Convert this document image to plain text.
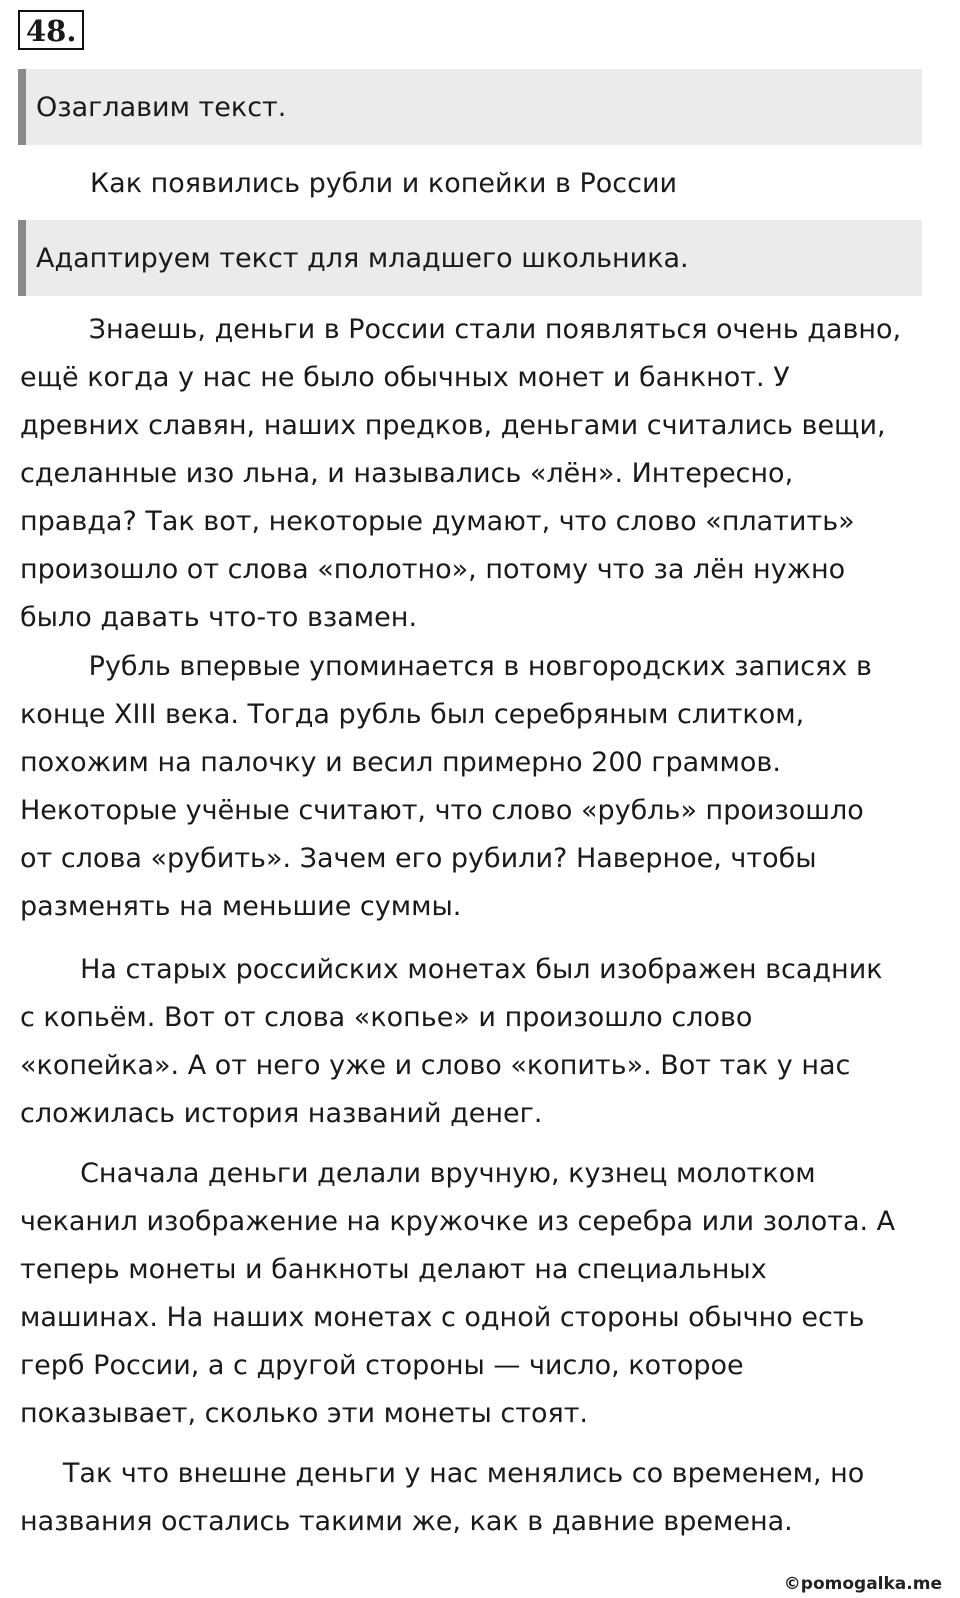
48.
Озаглавим текст.
Как появились рубли и копейки в России
Адаптируем текст для младшего школьника.
Знаешь, деньги в России стали появляться очень давно,
ещё когда у нас не было обычных монет и банкнот. У
древних славян, наших предков, деньгами считались вещи,
сделанные изо льна, и назывались «лён». Интересно,
правда? Так вот, некоторые думают, что слово «платить»
произошло от слова «полотно», потому что за лён нужно
было давать что-то взамен.
Рубль впервые упоминается в новгородских записях в
конце XIII века. Тогда рубль был серебряным слитком,
похожим на палочку и весил примерно 200 граммов.
Некоторые учёные считают, что слово «рубль» произошло
от слова «рубить». Зачем его рубили? Наверное, чтобы
разменять на меньшие суммы.
На старых российских монетах был изображен всадник
с копьём. Вот от слова «копье» и произошло слово
«копейка». А от него уже и слово «копить». Вот так у нас
сложилась история названий денег.
Сначала деньги делали вручную, кузнец молотком
чеканил изображение на кружочке из серебра или золота. А
теперь монеты и банкноты делают на специальных
машинах. На наших монетах с одной стороны обычно есть
герб России, а с другой стороны — число, которое
показывает, сколько эти монеты стоят.
Так что внешне деньги у нас менялись со временем, но
названия остались такими же, как в давние времена.
©pomogalka.me
